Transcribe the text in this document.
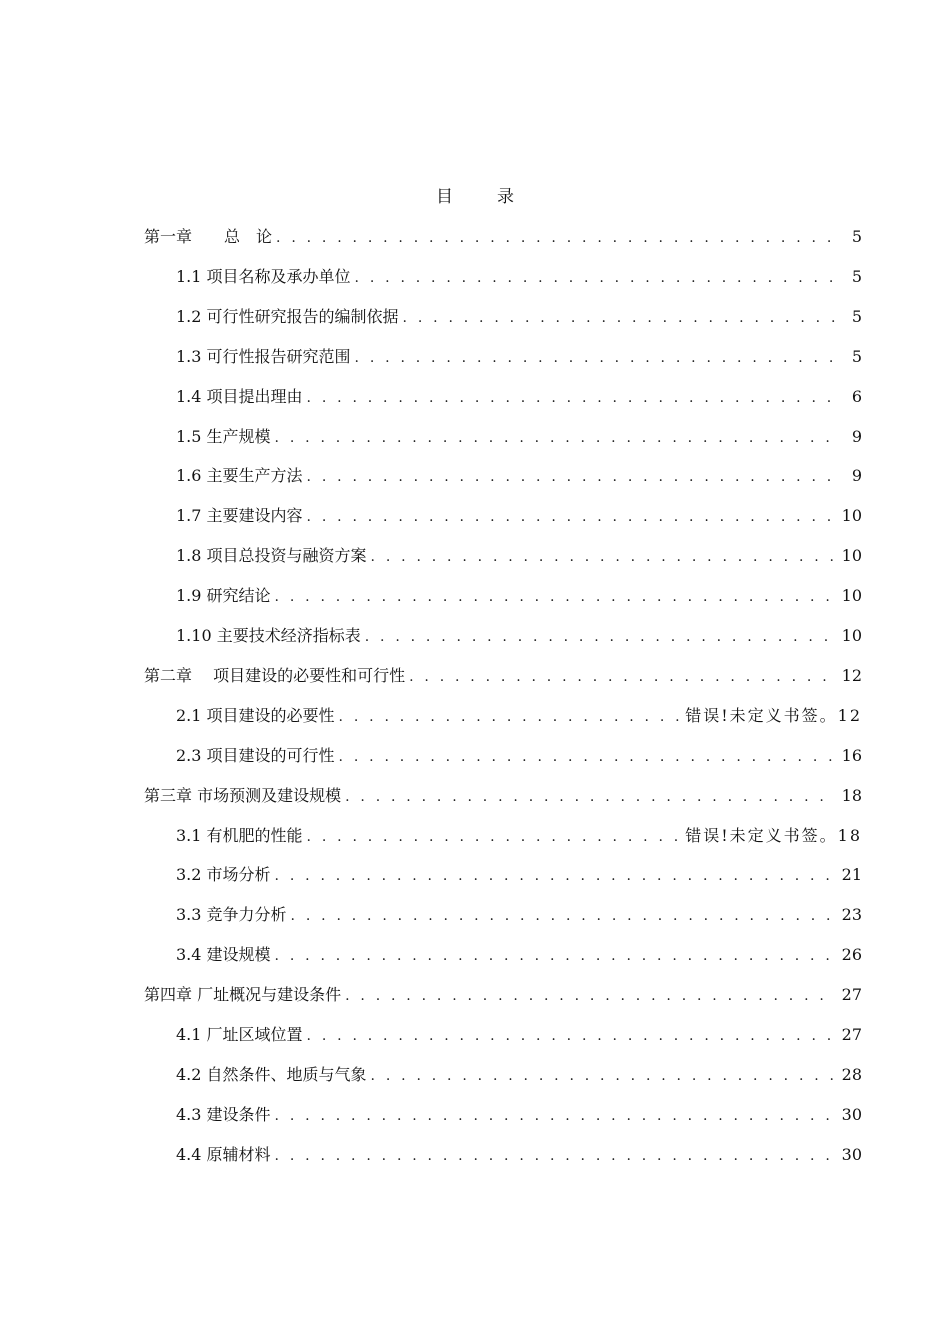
目	录
第一章　　总　论 . . .	5
1.1 项目名称及承办单位 . . .	5
1.2 可行性研究报告的编制依据 . . .	5
1.3 可行性报告研究范围 . . .	5
1.4 项目提出理由 . . .	6
1.5 生产规模 . . .	9
1.6 主要生产方法 . . .	9
1.7 主要建设内容 . . .	10
1.8 项目总投资与融资方案 . . .	10
1.9 研究结论 . . .	10
1.10 主要技术经济指标表 . . .	10
第二章　 项目建设的必要性和可行性 . . .	12
2.1 项目建设的必要性 . . .	错误!未定义书签。12
2.3 项目建设的可行性 . . .	16
第三章 市场预测及建设规模 . . .	18
3.1 有机肥的性能 . . .	错误!未定义书签。18
3.2 市场分析 . . .	21
3.3 竞争力分析 . . .	23
3.4 建设规模 . . .	26
第四章 厂址概况与建设条件 . . .	27
4.1 厂址区域位置 . . .	27
4.2 自然条件、地质与气象 . . .	28
4.3 建设条件 . . .	30
4.4 原辅材料 . . .	30
